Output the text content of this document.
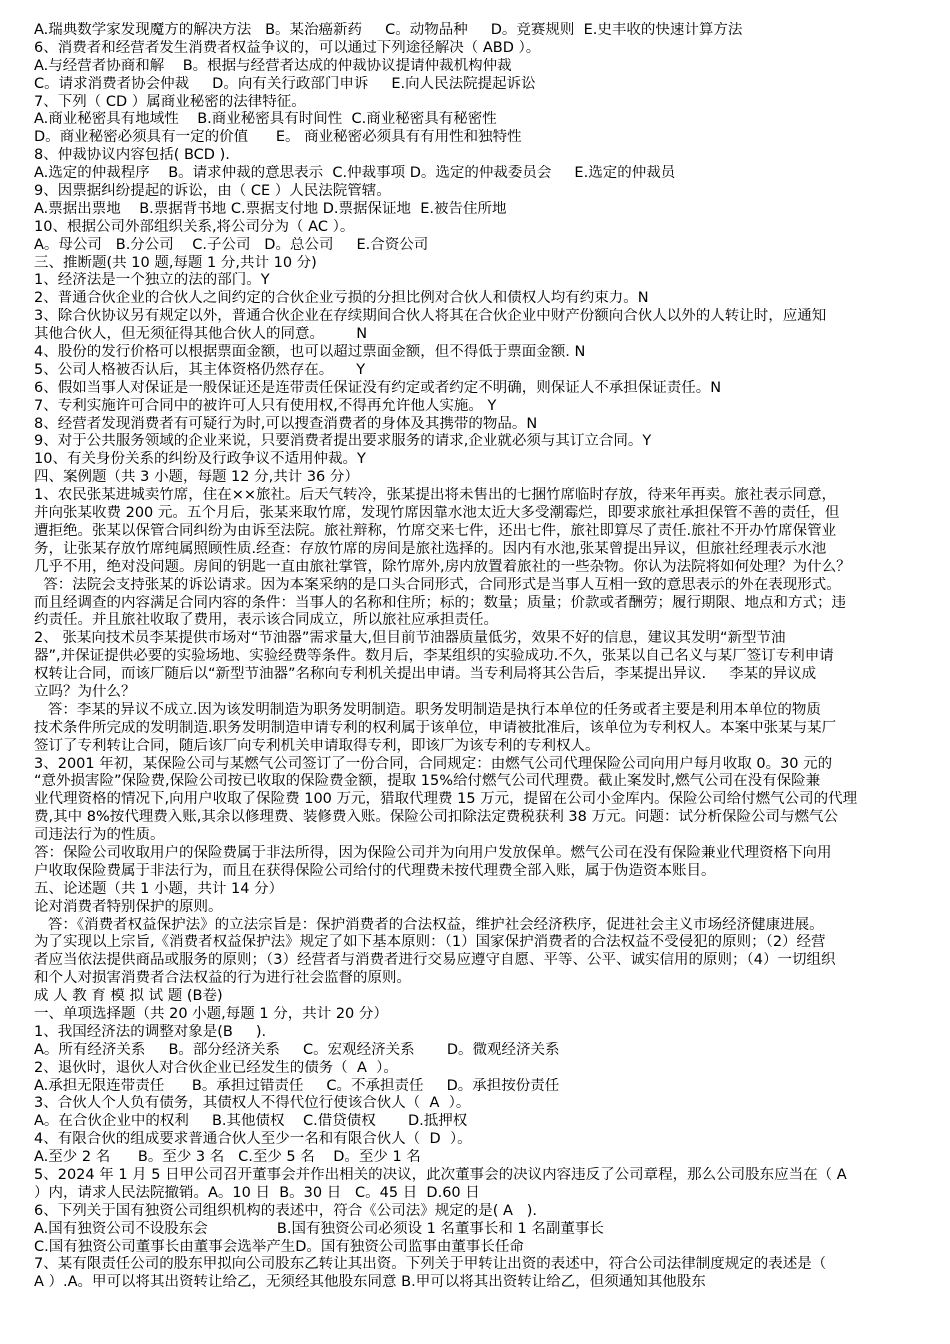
A.瑞典数学家发现魔方的解决方法   B。某治癌新药     C。动物品种     D。竞赛规则  E.史丰收的快速计算方法
6、消费者和经营者发生消费者权益争议的，可以通过下列途径解决（ ABD ）。
A.与经营者协商和解    B。根据与经营者达成的仲裁协议提请仲裁机构仲裁
C。请求消费者协会仲裁     D。向有关行政部门申诉     E.向人民法院提起诉讼
7、下列（ CD ）属商业秘密的法律特征。
A.商业秘密具有地域性    B.商业秘密具有时间性  C.商业秘密具有秘密性
D。商业秘密必须具有一定的价值      E。 商业秘密必须具有有用性和独特性
8、仲裁协议内容包括( BCD ).
A.选定的仲裁程序    B。请求仲裁的意思表示  C.仲裁事项 D。选定的仲裁委员会     E.选定的仲裁员
9、因票据纠纷提起的诉讼，由（ CE ）人民法院管辖。
A.票据出票地    B.票据背书地 C.票据支付地 D.票据保证地  E.被告住所地
10、根据公司外部组织关系,将公司分为（ AC ）。
A。母公司   B.分公司    C.子公司   D。总公司     E.合资公司
三、推断题(共 10 题,每题 1 分,共计 10 分)
1、经济法是一个独立的法的部门。Y
2、普通合伙企业的合伙人之间约定的合伙企业亏损的分担比例对合伙人和债权人均有约束力。N
3、除合伙协议另有规定以外，普通合伙企业在存续期间合伙人将其在合伙企业中财产份额向合伙人以外的人转让时，应通知
其他合伙人，但无须征得其他合伙人的同意。       N
4、股份的发行价格可以根据票面金额，也可以超过票面金额，但不得低于票面金额. N
5、公司人格被否认后，其主体资格仍然存在。     Y
6、假如当事人对保证是一般保证还是连带责任保证没有约定或者约定不明确，则保证人不承担保证责任。N
7、专利实施许可合同中的被许可人只有使用权,不得再允许他人实施。 Y
8、经营者发现消费者有可疑行为时,可以搜查消费者的身体及其携带的物品。N
9、对于公共服务领域的企业来说，只要消费者提出要求服务的请求,企业就必须与其订立合同。Y
10、有关身份关系的纠纷及行政争议不适用仲裁。Y
四、案例题（共 3 小题，每题 12 分,共计 36 分）
1、农民张某进城卖竹席，住在××旅社。后天气转冷，张某提出将未售出的七捆竹席临时存放，待来年再卖。旅社表示同意，
并向张某收费 200 元。五个月后，张某来取竹席，发现竹席因靠水池太近大多受潮霉烂，即要求旅社承担保管不善的责任，但
遭拒绝。张某以保管合同纠纷为由诉至法院。旅社辩称，竹席交来七件，还出七件，旅社即算尽了责任.旅社不开办竹席保管业
务，让张某存放竹席纯属照顾性质.经查：存放竹席的房间是旅社选择的。因内有水池,张某曾提出异议，但旅社经理表示水池
几乎不用，绝对没问题。房间的钥匙一直由旅社掌管，除竹席外,房内放置着旅社的一些杂物。你认为法院将如何处理？为什么？
答：法院会支持张某的诉讼请求。因为本案采纳的是口头合同形式，合同形式是当事人互相一致的意思表示的外在表现形式。
而且经调查的内容满足合同内容的条件：当事人的名称和住所；标的；数量；质量；价款或者酬劳；履行期限、地点和方式；违
约责任。并且旅社收取了费用，表示该合同成立，所以旅社应承担责任。
2、 张某向技术员李某提供市场对“节油器”需求量大,但目前节油器质量低劣，效果不好的信息，建议其发明“新型节油
器”,并保证提供必要的实验场地、实验经费等条件。数月后，李某组织的实验成功.不久，张某以自己名义与某厂签订专利申请
权转让合同，而该厂随后以“新型节油器”名称向专利机关提出申请。当专利局将其公告后，李某提出异议.     李某的异议成
立吗？为什么？
答：李某的异议不成立.因为该发明制造为职务发明制造。职务发明制造是执行本单位的任务或者主要是利用本单位的物质
技术条件所完成的发明制造.职务发明制造申请专利的权利属于该单位，申请被批准后，该单位为专利权人。本案中张某与某厂
签订了专利转让合同，随后该厂向专利机关申请取得专利，即该厂为该专利的专利权人。
3、2001 年初，某保险公司与某燃气公司签订了一份合同，合同规定：由燃气公司代理保险公司向用户每月收取 0。30 元的
“意外损害险”保险费,保险公司按已收取的保险费金额，提取 15%给付燃气公司代理费。截止案发时,燃气公司在没有保险兼
业代理资格的情况下,向用户收取了保险费 100 万元，猎取代理费 15 万元，提留在公司小金库内。保险公司给付燃气公司的代理
费,其中 8%按代理费入账,其余以修理费、装修费入账。保险公司扣除法定费税获利 38 万元。问题：试分析保险公司与燃气公
司违法行为的性质。
答：保险公司收取用户的保险费属于非法所得，因为保险公司并为向用户发放保单。燃气公司在没有保险兼业代理资格下向用
户收取保险费属于非法行为，而且在获得保险公司给付的代理费未按代理费全部入账，属于伪造资本账目。
五、论述题（共 1 小题，共计 14 分）
论对消费者特别保护的原则。
答：《消费者权益保护法》的立法宗旨是：保护消费者的合法权益，维护社会经济秩序，促进社会主义市场经济健康进展。
为了实现以上宗旨,《消费者权益保护法》规定了如下基本原则：（1）国家保护消费者的合法权益不受侵犯的原则；（2）经营
者应当依法提供商品或服务的原则；（3）经营者与消费者进行交易应遵守自愿、平等、公平、诚实信用的原则；（4）一切组织
和个人对损害消费者合法权益的行为进行社会监督的原则。
成 人 教 育 模 拟 试 题 (B卷)
一、单项选择题（共 20 小题,每题 1 分，共计 20 分）
1、我国经济法的调整对象是(B     ).
A。所有经济关系     B。部分经济关系     C。宏观经济关系       D。微观经济关系
2、退伙时，退伙人对合伙企业已经发生的债务（  A  ）。
A.承担无限连带责任      B。承担过错责任     C。不承担责任     D。承担按份责任
3、合伙人个人负有债务，其债权人不得代位行使该合伙人（  A  ）。
A。在合伙企业中的权利     B.其他债权    C.借贷债权       D.抵押权
4、有限合伙的组成要求普通合伙人至少一名和有限合伙人（  D  ）。
A.至少 2 名      B。至少 3 名   C.至少 5 名    D。至少 1 名
5、2024 年 1 月 5 日甲公司召开董事会并作出相关的决议，此次董事会的决议内容违反了公司章程，那么公司股东应当在（ A
）内，请求人民法院撤销。A。10 日  B。30 日   C。45 日  D.60 日
6、下列关于国有独资公司组织机构的表述中，符合《公司法》规定的是( A   ).
A.国有独资公司不设股东会               B.国有独资公司必须设 1 名董事长和 1 名副董事长
C.国有独资公司董事长由董事会选举产生D。国有独资公司监事由董事长任命
7、某有限责任公司的股东甲拟向公司股东乙转让其出资。下列关于甲转让出资的表述中，符合公司法律制度规定的表述是（
A ）.A。甲可以将其出资转让给乙，无须经其他股东同意 B.甲可以将其出资转让给乙，但须通知其他股东
